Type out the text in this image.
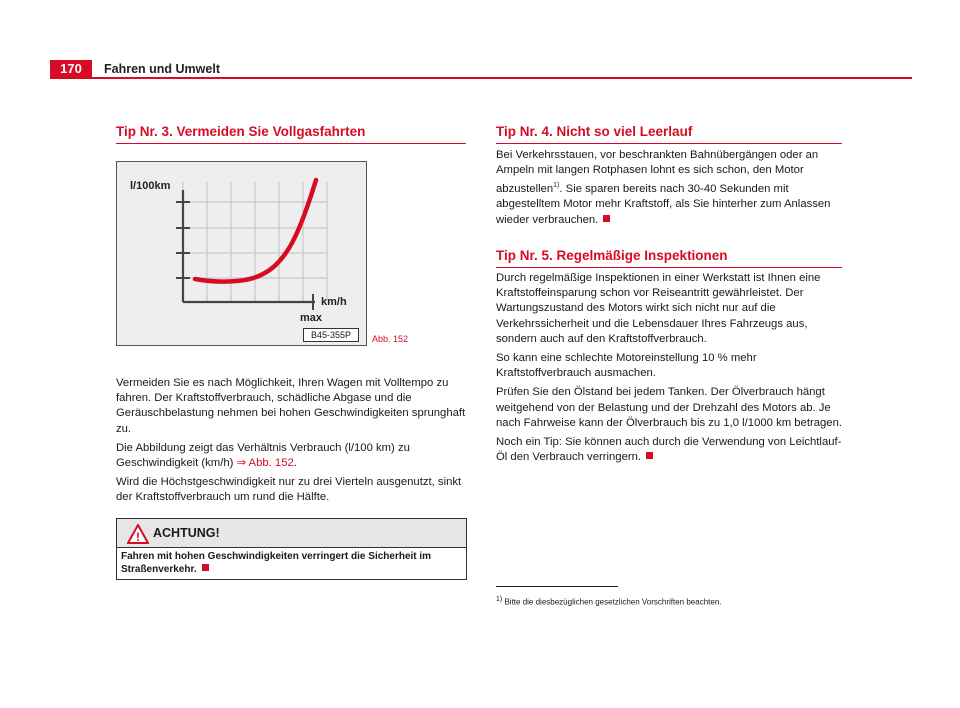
170	Fahren und Umwelt
Tip Nr. 3. Vermeiden Sie Vollgasfahrten
l/100km
km/h
max
B45-355P	Abb. 152

Vermeiden Sie es nach Möglichkeit, Ihren Wagen mit Volltempo zu fahren. Der Kraftstoffverbrauch, schädliche Abgase und die Geräuschbelastung nehmen bei hohen Geschwindigkeiten sprunghaft zu.

Die Abbildung zeigt das Verhältnis Verbrauch (l/100 km) zu Geschwindigkeit (km/h) ⇒ Abb. 152.

Wird die Höchstgeschwindigkeit nur zu drei Vierteln ausgenutzt, sinkt der Kraftstoffverbrauch um rund die Hälfte.

! ACHTUNG!
Fahren mit hohen Geschwindigkeiten verringert die Sicherheit im Straßenverkehr.
Tip Nr. 4. Nicht so viel Leerlauf

Bei Verkehrsstauen, vor beschrankten Bahnübergängen oder an Ampeln mit langen Rotphasen lohnt es sich schon, den Motor abzustellen$^{1)}$. Sie sparen bereits nach 30-40 Sekunden mit abgestelltem Motor mehr Kraftstoff, als Sie hinterher zum Anlassen wieder verbrauchen.

Tip Nr. 5. Regelmäßige Inspektionen

Durch regelmäßige Inspektionen in einer Werkstatt ist Ihnen eine Kraftstoffeinsparung schon vor Reiseantritt gewährleistet. Der Wartungszustand des Motors wirkt sich nicht nur auf die Verkehrssicherheit und die Lebensdauer Ihres Fahrzeugs aus, sondern auch auf den Kraftstoffverbrauch.

So kann eine schlechte Motoreinstellung 10 % mehr Kraftstoffverbrauch ausmachen.

Prüfen Sie den Ölstand bei jedem Tanken. Der Ölverbrauch hängt weitgehend von der Belastung und der Drehzahl des Motors ab. Je nach Fahrweise kann der Ölverbrauch bis zu 1,0 l/1000 km betragen.

Noch ein Tip: Sie können auch durch die Verwendung von Leichtlauf-Öl den Verbrauch verringern.

$^{1)}$ Bitte die diesbezüglichen gesetzlichen Vorschriften beachten.
